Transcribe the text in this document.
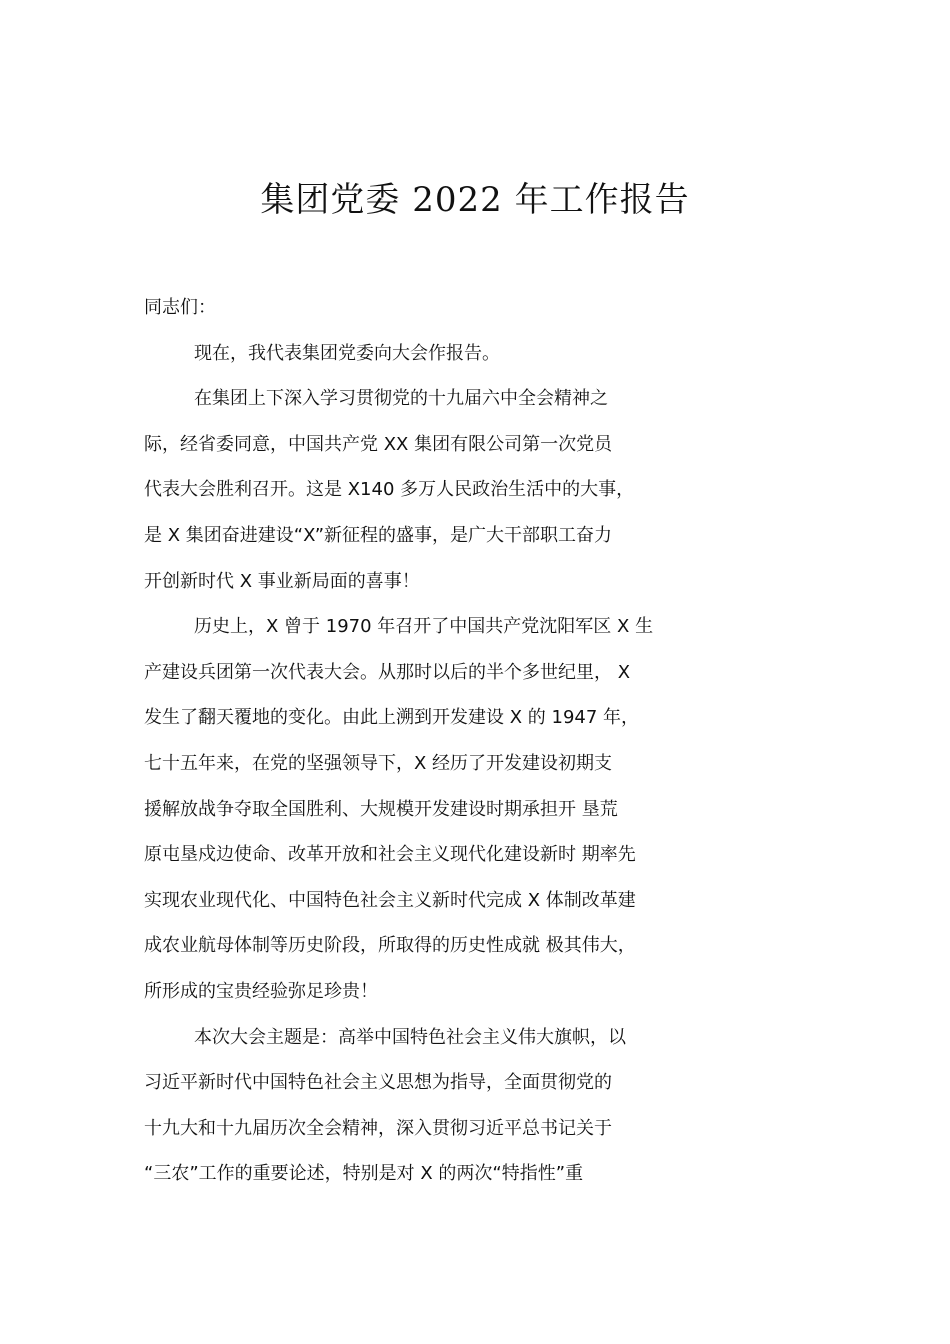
集团党委 2022 年工作报告
同志们：
现在，我代表集团党委向大会作报告。
在集团上下深入学习贯彻党的十九届六中全会精神之
际，经省委同意，中国共产党 XX 集团有限公司第一次党员
代表大会胜利召开。这是 X140 多万人民政治生活中的大事，
是 X 集团奋进建设“X”新征程的盛事，是广大干部职工奋力
开创新时代 X 事业新局面的喜事！
历史上，X 曾于 1970 年召开了中国共产党沈阳军区 X 生
产建设兵团第一次代表大会。从那时以后的半个多世纪里， X
发生了翻天覆地的变化。由此上溯到开发建设 X 的 1947 年，
七十五年来，在党的坚强领导下，X 经历了开发建设初期支
援解放战争夺取全国胜利、大规模开发建设时期承担开 垦荒
原屯垦戍边使命、改革开放和社会主义现代化建设新时 期率先
实现农业现代化、中国特色社会主义新时代完成 X 体制改革建
成农业航母体制等历史阶段，所取得的历史性成就 极其伟大，
所形成的宝贵经验弥足珍贵！
本次大会主题是：高举中国特色社会主义伟大旗帜，以
习近平新时代中国特色社会主义思想为指导，全面贯彻党的
十九大和十九届历次全会精神，深入贯彻习近平总书记关于
“三农”工作的重要论述，特别是对 X 的两次“特指性”重
